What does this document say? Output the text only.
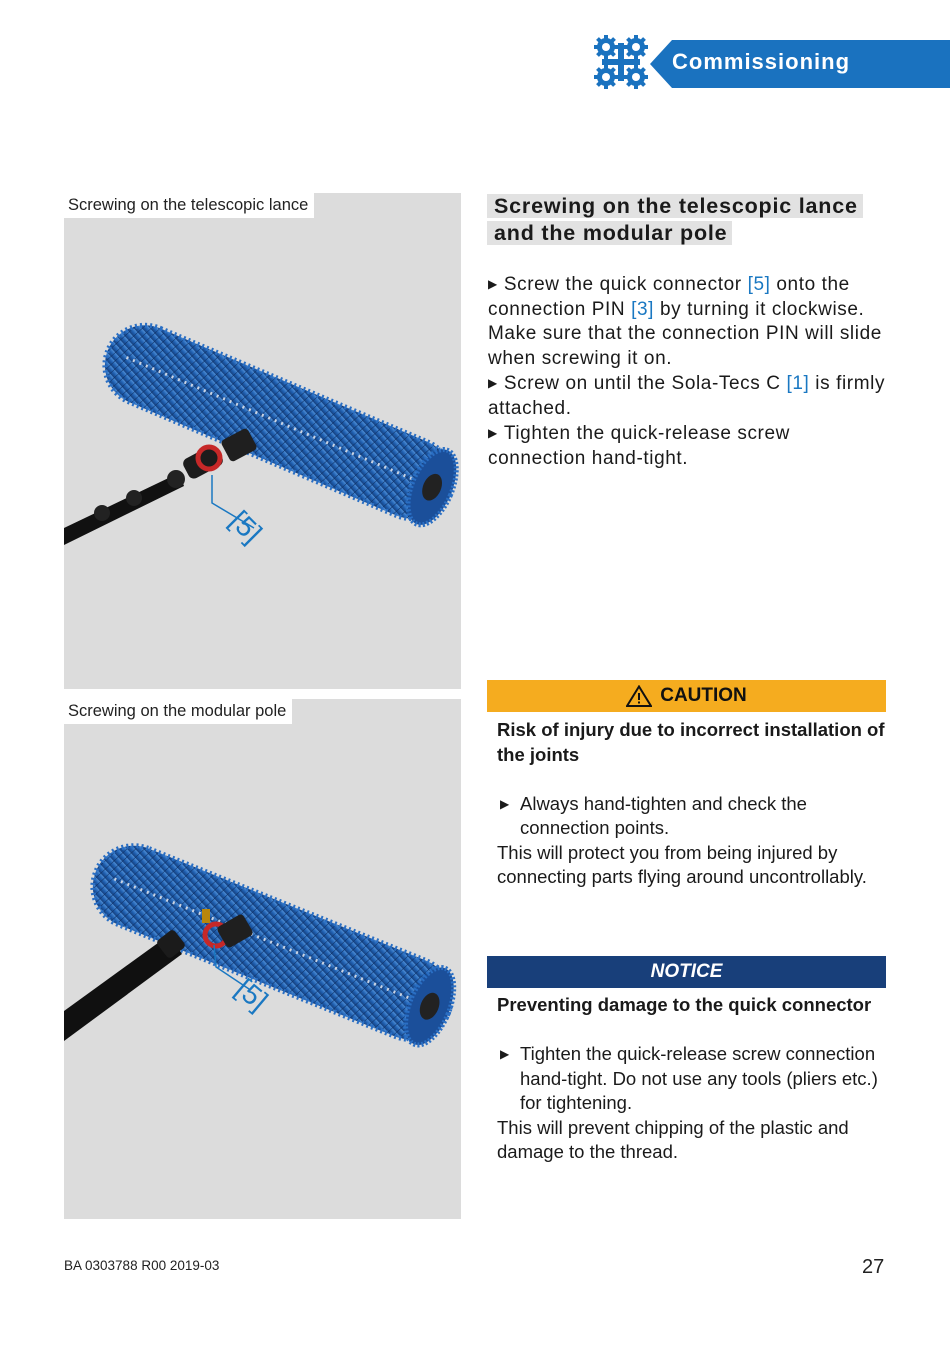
Commissioning
Screwing on the telescopic lance
[5]
Screwing on the modular pole
[5]
Screwing on the telescopic lance and the modular pole
▶ Screw the quick connector [5] onto the connection PIN [3] by turning it clockwise. Make sure that the connection PIN will slide when screwing it on.
▶ Screw on until the Sola-Tecs C [1] is firmly attached.
▶ Tighten the quick-release screw connection hand-tight.
CAUTION
Risk of injury due to incorrect installation of the joints
▶ Always hand-tighten and check the connection points.
This will protect you from being injured by connecting parts flying around uncontrollably.
NOTICE
Preventing damage to the quick connector
▶ Tighten the quick-release screw connection hand-tight. Do not use any tools (pliers etc.) for tightening.
This will prevent chipping of the plastic and damage to the thread.
BA 0303788 R00 2019-03	27
